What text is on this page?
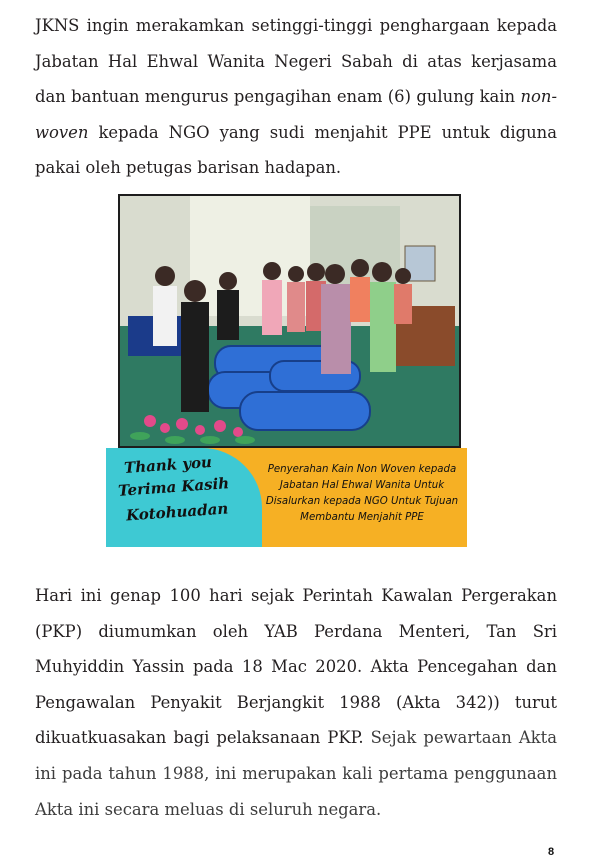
JKNS ingin merakamkan setinggi-tinggi penghargaan kepada Jabatan Hal Ehwal Wanita Negeri Sabah di atas kerjasama dan bantuan mengurus pengagihan enam (6) gulung kain non-woven kepada NGO yang sudi menjahit PPE untuk diguna pakai oleh petugas barisan hadapan.

Thank you
Terima Kasih
Kotohuadan
Penyerahan Kain Non Woven kepada Jabatan Hal Ehwal Wanita Untuk Disalurkan kepada NGO Untuk Tujuan Membantu Menjahit PPE

Hari ini genap 100 hari sejak Perintah Kawalan Pergerakan (PKP) diumumkan oleh YAB Perdana Menteri, Tan Sri Muhyiddin Yassin pada 18 Mac 2020. Akta Pencegahan dan Pengawalan Penyakit Berjangkit 1988 (Akta 342)) turut dikuatkuasakan bagi pelaksanaan PKP. Sejak pewartaan Akta ini pada tahun 1988, ini merupakan kali pertama penggunaan Akta ini secara meluas di seluruh negara.

8
